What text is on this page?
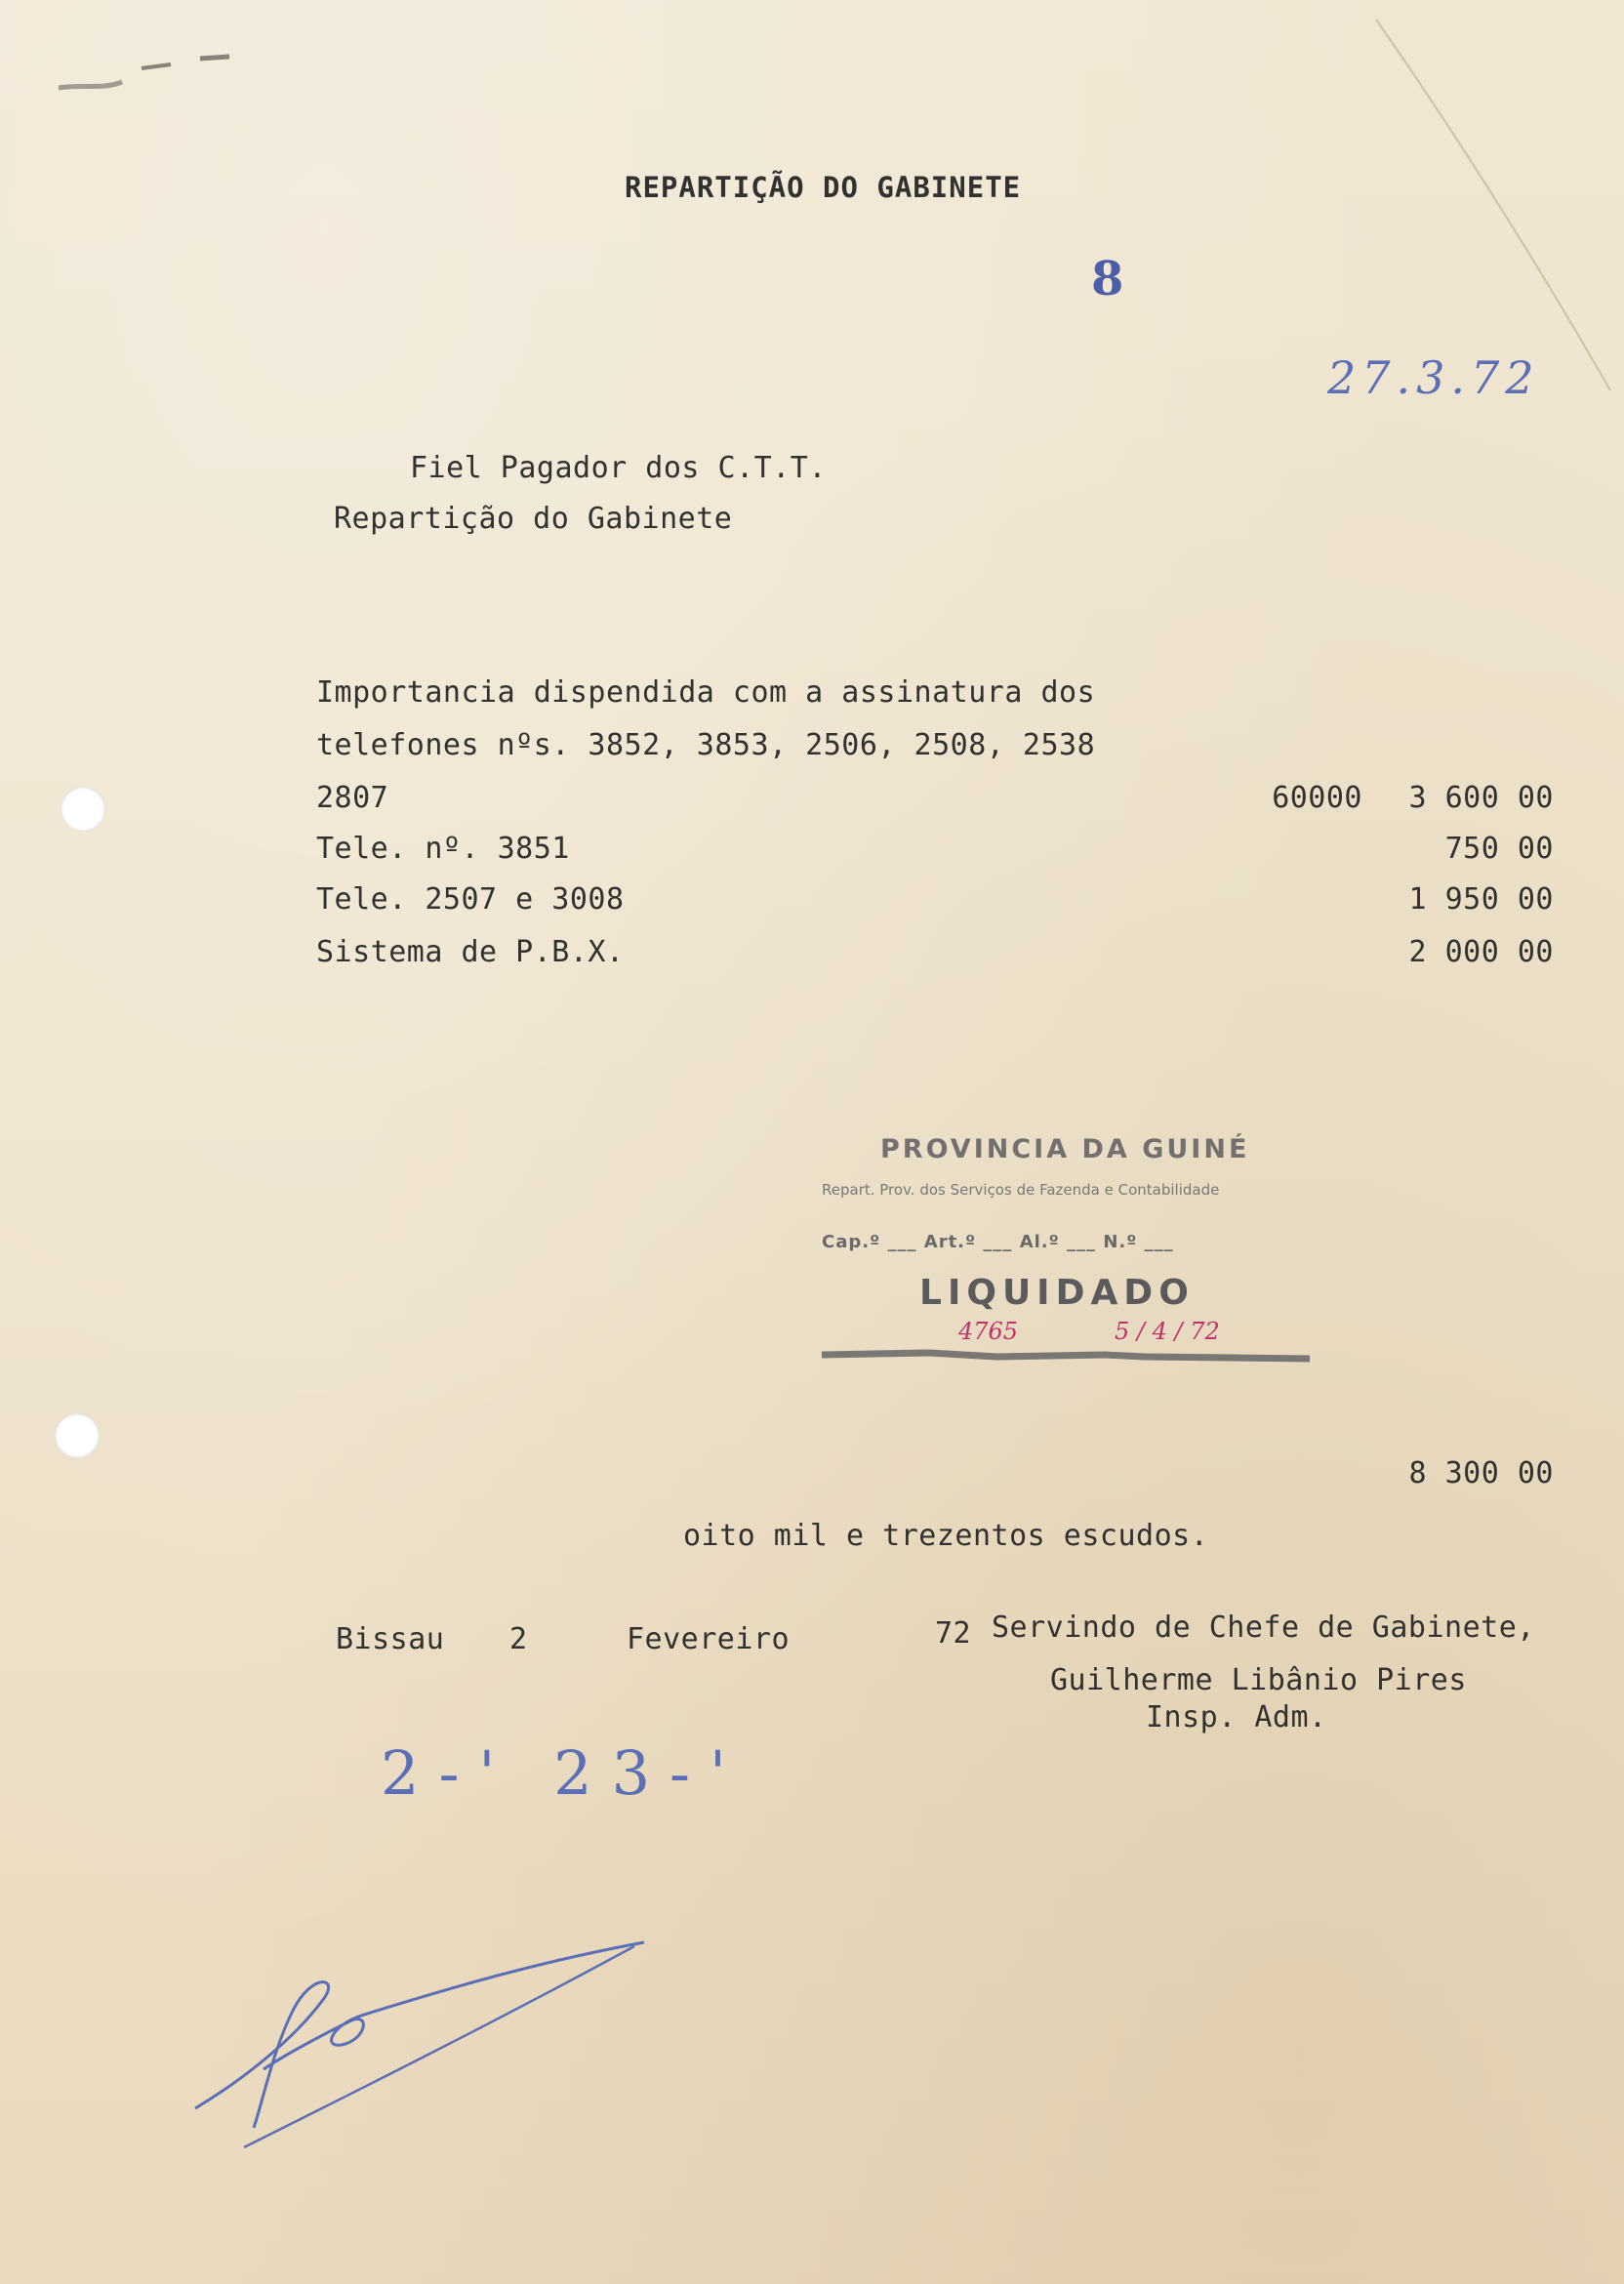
REPARTIÇÃO DO GABINETE
8
27.3.72
Fiel Pagador dos C.T.T.
Repartição do Gabinete
Importancia dispendida com a assinatura dos
telefones nºs. 3852, 3853, 2506, 2508, 2538
2807	60000	3 600 00
Tele. nº. 3851	750 00
Tele. 2507 e 3008	1 950 00
Sistema de P.B.X.	2 000 00
PROVINCIA DA GUINÉ
Repart. Prov. dos Serviços de Fazenda e Contabilidade
Cap.º ___ Art.º ___ Al.º ___ N.º ___
LIQUIDADO
4765	5 / 4 / 72
8 300 00
oito mil e trezentos escudos.
Bissau 2	Fevereiro	72 Servindo de Chefe de Gabinete,
Guilherme Libânio Pires
Insp. Adm.
2-' 23-'
